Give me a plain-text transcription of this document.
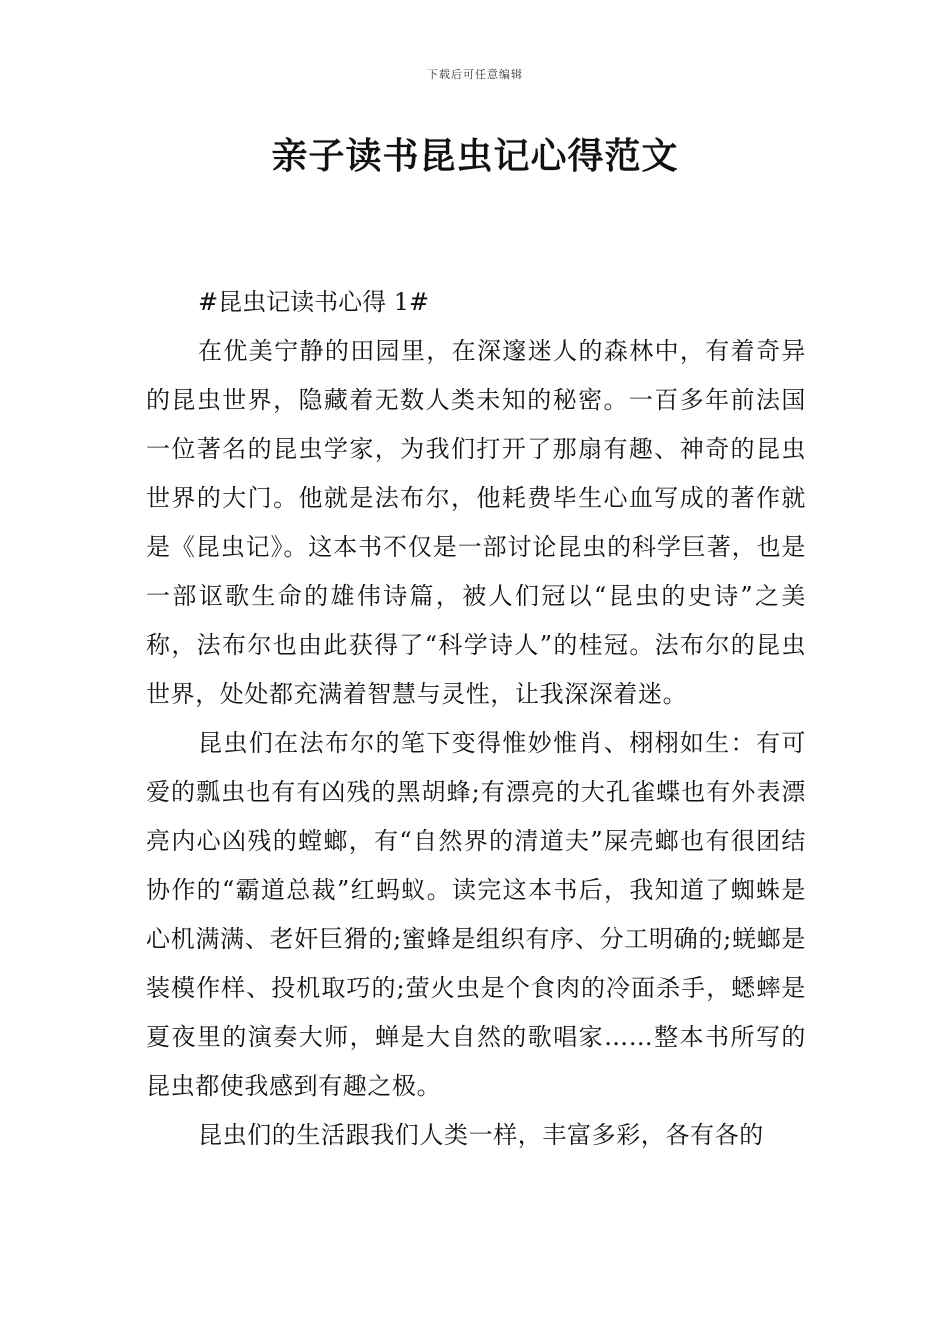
下载后可任意编辑
亲子读书昆虫记心得范文

#昆虫记读书心得 1#

在优美宁静的田园里，在深邃迷人的森林中，有着奇异的昆虫世界，隐藏着无数人类未知的秘密。一百多年前法国一位著名的昆虫学家，为我们打开了那扇有趣、神奇的昆虫世界的大门。他就是法布尔，他耗费毕生心血写成的著作就是《昆虫记》。这本书不仅是一部讨论昆虫的科学巨著，也是一部讴歌生命的雄伟诗篇，被人们冠以“昆虫的史诗”之美称，法布尔也由此获得了“科学诗人”的桂冠。法布尔的昆虫世界，处处都充满着智慧与灵性，让我深深着迷。

昆虫们在法布尔的笔下变得惟妙惟肖、栩栩如生：有可爱的瓢虫也有有凶残的黑胡蜂;有漂亮的大孔雀蝶也有外表漂亮内心凶残的螳螂，有“自然界的清道夫”屎壳螂也有很团结协作的“霸道总裁”红蚂蚁。读完这本书后，我知道了蜘蛛是心机满满、老奸巨猾的;蜜蜂是组织有序、分工明确的;蜣螂是装模作样、投机取巧的;萤火虫是个食肉的冷面杀手，蟋蟀是夏夜里的演奏大师，蝉是大自然的歌唱家……整本书所写的昆虫都使我感到有趣之极。

昆虫们的生活跟我们人类一样，丰富多彩，各有各的
